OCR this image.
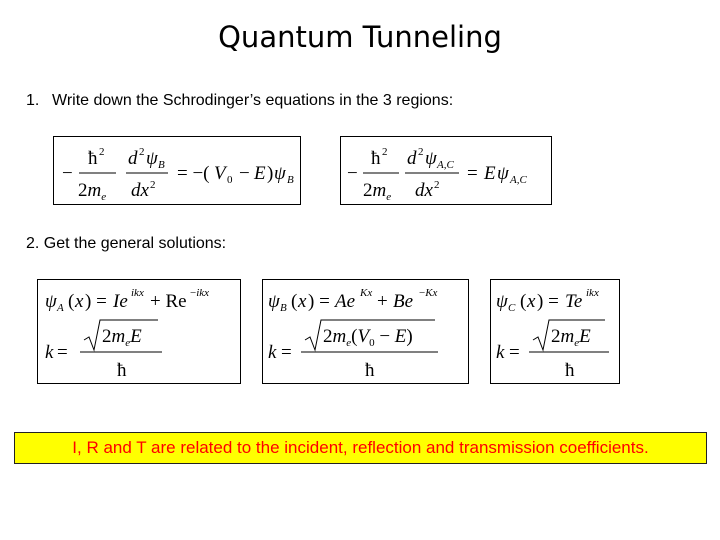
Quantum Tunneling
1. Write down the Schrodinger’s equations in the 3 regions:
−
ħ 2
$2m_e$
d 2 ψ B
dx 2
= −( V 0 − E ) ψ B	−
ħ 2
$2m_e$
d 2 ψ A,C
dx 2
= E ψ A,C
2. Get the general solutions:
ψ A ( x ) = Ie ikx + Re −ikx
k =
$2m_eE$
ħ
ψ B ( x ) = Ae Kx + Be −Kx
k =
$2m_e(V_0 - E)$
ħ
ψ C ( x ) = Te ikx
k =
$2m_eE$
ħ
I, R and T are related to the incident, reflection and transmission coefficients.
